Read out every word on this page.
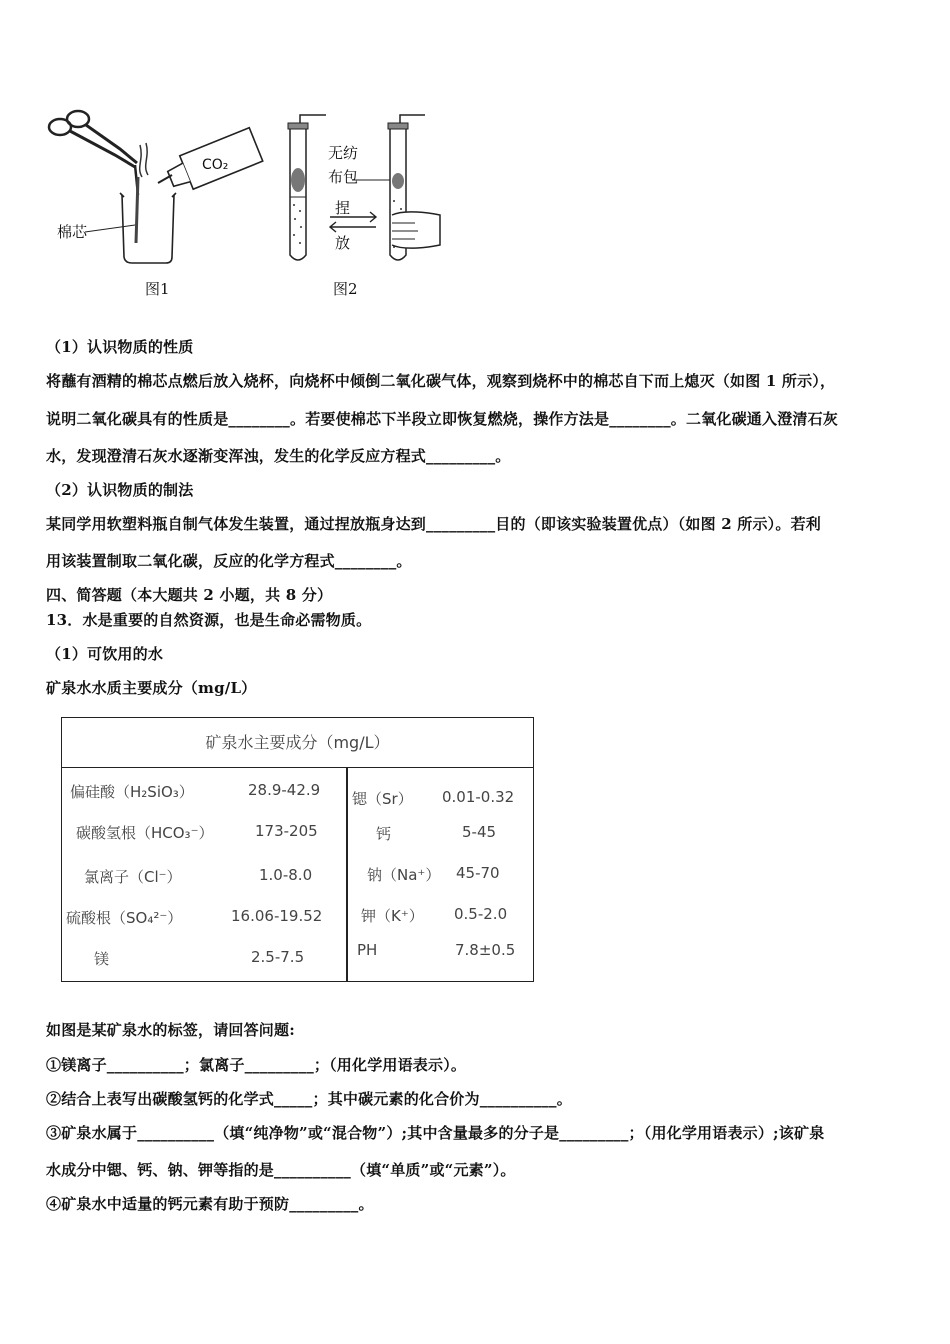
CO₂
棉芯
图1
无纺
布包
捏
放
图2
（1）认识物质的性质
将蘸有酒精的棉芯点燃后放入烧杯，向烧杯中倾倒二氧化碳气体，观察到烧杯中的棉芯自下而上熄灭（如图 1 所示），
说明二氧化碳具有的性质是________。若要使棉芯下半段立即恢复燃烧，操作方法是________。二氧化碳通入澄清石灰
水，发现澄清石灰水逐渐变浑浊，发生的化学反应方程式_________。
（2）认识物质的制法
某同学用软塑料瓶自制气体发生装置，通过捏放瓶身达到_________目的（即该实验装置优点）（如图 2 所示）。若利
用该装置制取二氧化碳，反应的化学方程式________。
四、简答题（本大题共 2 小题，共 8 分）
13．水是重要的自然资源，也是生命必需物质。
（1）可饮用的水
矿泉水水质主要成分（mg/L）
矿泉水主要成分（mg/L）
偏硅酸（H₂SiO₃）	28.9-42.9
碳酸氢根（HCO₃⁻）	173-205
氯离子（Cl⁻）	1.0-8.0
硫酸根（SO₄²⁻）	16.06-19.52
镁	2.5-7.5
锶（Sr） 0.01-0.32
钙	5-45
钠（Na⁺） 45-70
钾（K⁺） 0.5-2.0
PH	7.8±0.5
如图是某矿泉水的标签，请回答问题:
①镁离子__________；氯离子_________；（用化学用语表示）。
②结合上表写出碳酸氢钙的化学式_____；其中碳元素的化合价为__________。
③矿泉水属于__________（填“纯净物”或“混合物”）;其中含量最多的分子是_________；（用化学用语表示）;该矿泉
水成分中锶、钙、钠、钾等指的是__________（填“单质”或“元素”）。
④矿泉水中适量的钙元素有助于预防_________。
